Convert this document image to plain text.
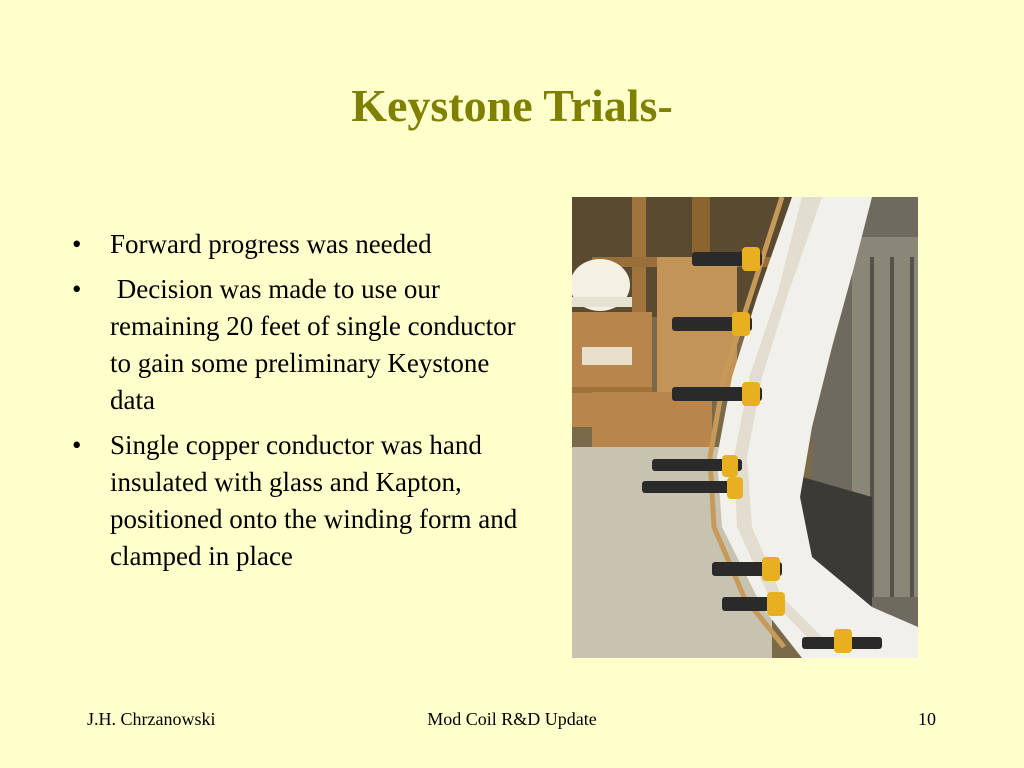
Keystone Trials-
• Forward progress was needed
• Decision was made to use our remaining 20 feet of single conductor to gain some preliminary Keystone data
• Single copper conductor was hand insulated with glass and Kapton, positioned onto the winding form and clamped in place
J.H. Chrzanowski	Mod Coil R&D Update	10
